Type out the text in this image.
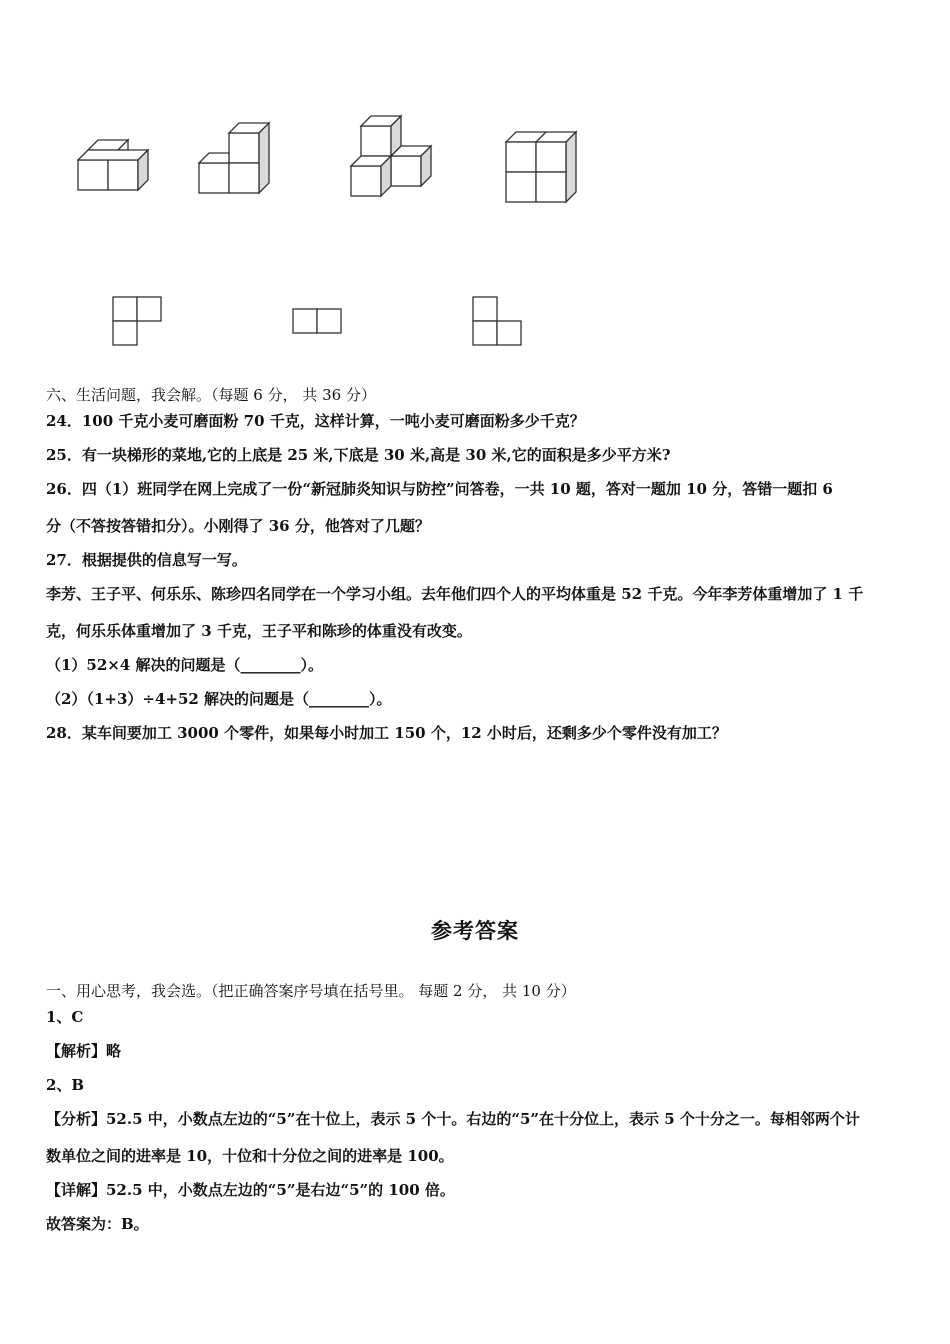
六、生活问题，我会解。（每题 6 分， 共 36 分）
24．100 千克小麦可磨面粉 70 千克，这样计算，一吨小麦可磨面粉多少千克？
25．有一块梯形的菜地,它的上底是 25 米,下底是 30 米,高是 30 米,它的面积是多少平方米?
26．四（1）班同学在网上完成了一份“新冠肺炎知识与防控”问答卷，一共 10 题，答对一题加 10 分，答错一题扣 6
分（不答按答错扣分）。小刚得了 36 分，他答对了几题？
27．根据提供的信息写一写。
李芳、王子平、何乐乐、陈珍四名同学在一个学习小组。去年他们四个人的平均体重是 52 千克。今年李芳体重增加了 1 千
克，何乐乐体重增加了 3 千克，王子平和陈珍的体重没有改变。
（1）52×4 解决的问题是（________）。
（2）（1+3）÷4+52 解决的问题是（________）。
28．某车间要加工 3000 个零件，如果每小时加工 150 个，12 小时后，还剩多少个零件没有加工？
参考答案
一、用心思考，我会选。（把正确答案序号填在括号里。 每题 2 分， 共 10 分）
1、C
【解析】略
2、B
【分析】52.5 中，小数点左边的“5”在十位上，表示 5 个十。右边的“5”在十分位上，表示 5 个十分之一。每相邻两个计
数单位之间的进率是 10，十位和十分位之间的进率是 100。
【详解】52.5 中，小数点左边的“5”是右边“5”的 100 倍。
故答案为：B。
